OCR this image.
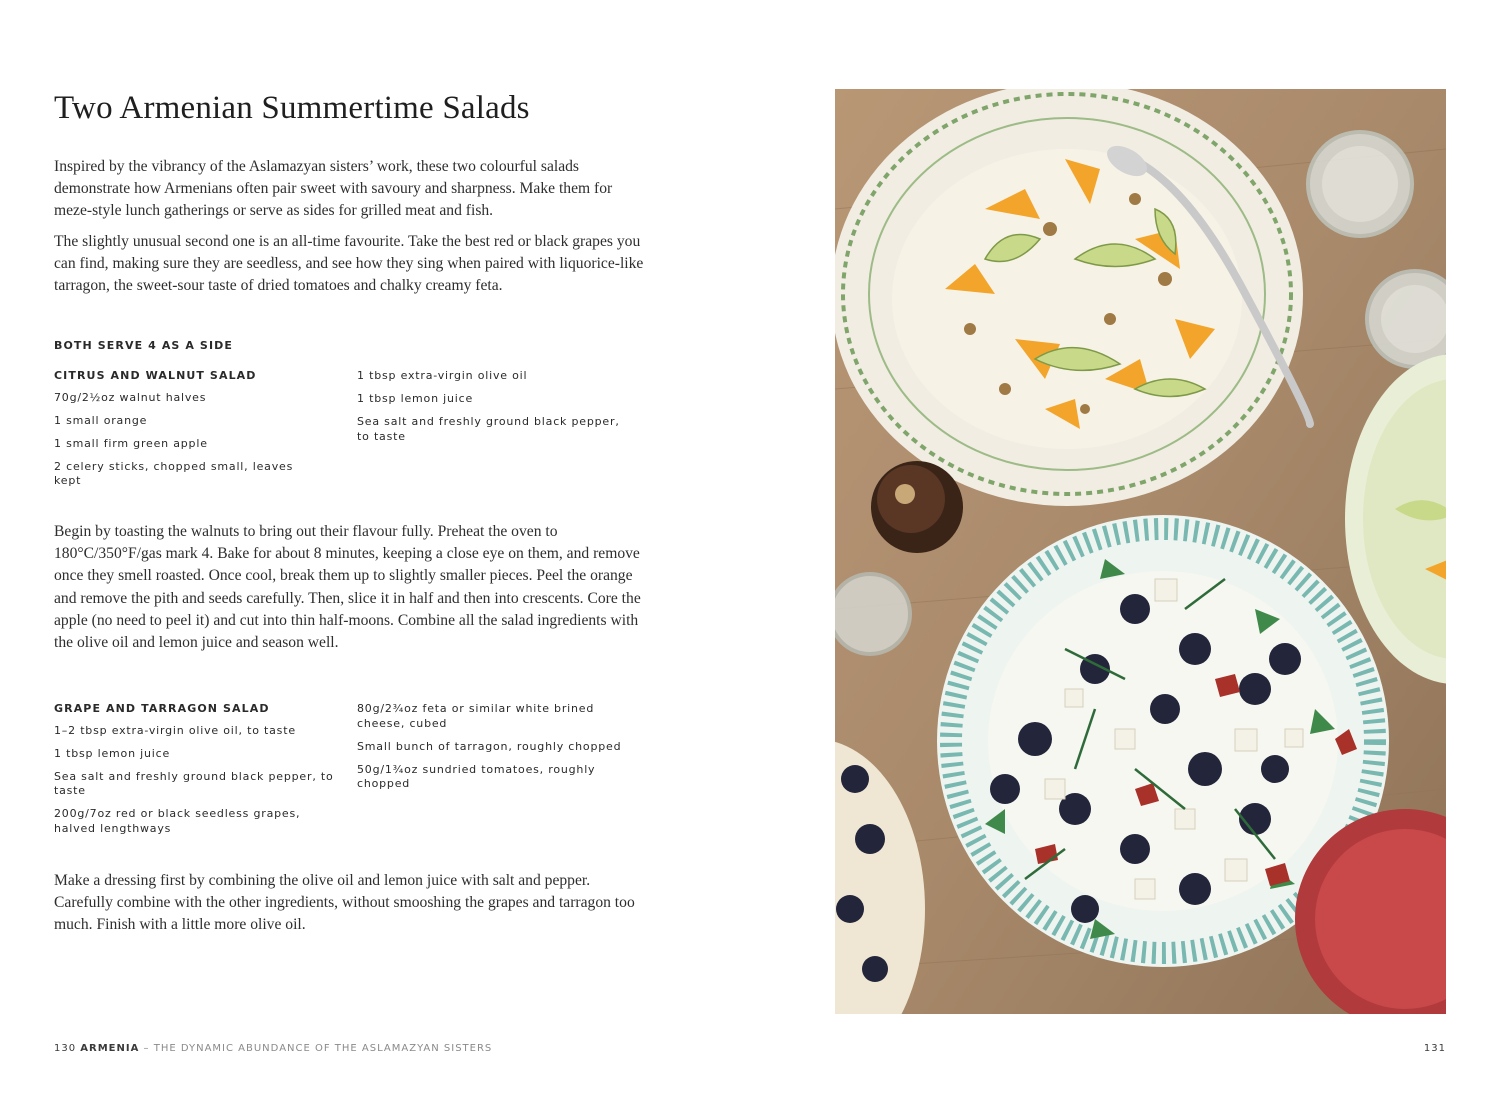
Two Armenian Summertime Salads

Inspired by the vibrancy of the Aslamazyan sisters’ work, these two colourful salads demonstrate how Armenians often pair sweet with savoury and sharpness. Make them for meze-style lunch gatherings or serve as sides for grilled meat and fish.

The slightly unusual second one is an all-time favourite. Take the best red or black grapes you can find, making sure they are seedless, and see how they sing when paired with liquorice-like tarragon, the sweet-sour taste of dried tomatoes and chalky creamy feta.

BOTH SERVE 4 AS A SIDE

CITRUS AND WALNUT SALAD

70g/2½oz walnut halves
1 small orange
1 small firm green apple
2 celery sticks, chopped small, leaves kept
1 tbsp extra-virgin olive oil
1 tbsp lemon juice
Sea salt and freshly ground black pepper, to taste

Begin by toasting the walnuts to bring out their flavour fully. Preheat the oven to 180°C/350°F/gas mark 4. Bake for about 8 minutes, keeping a close eye on them, and remove once they smell roasted. Once cool, break them up to slightly smaller pieces. Peel the orange and remove the pith and seeds carefully. Then, slice it in half and then into crescents. Core the apple (no need to peel it) and cut into thin half-moons. Combine all the salad ingredients with the olive oil and lemon juice and season well.

GRAPE AND TARRAGON SALAD

1–2 tbsp extra-virgin olive oil, to taste
1 tbsp lemon juice
Sea salt and freshly ground black pepper, to taste
200g/7oz red or black seedless grapes, halved lengthways
80g/2¾oz feta or similar white brined cheese, cubed
Small bunch of tarragon, roughly chopped
50g/1¾oz sundried tomatoes, roughly chopped

Make a dressing first by combining the olive oil and lemon juice with salt and pepper. Carefully combine with the other ingredients, without smooshing the grapes and tarragon too much. Finish with a little more olive oil.

130 ARMENIA – THE DYNAMIC ABUNDANCE OF THE ASLAMAZYAN SISTERS	131
